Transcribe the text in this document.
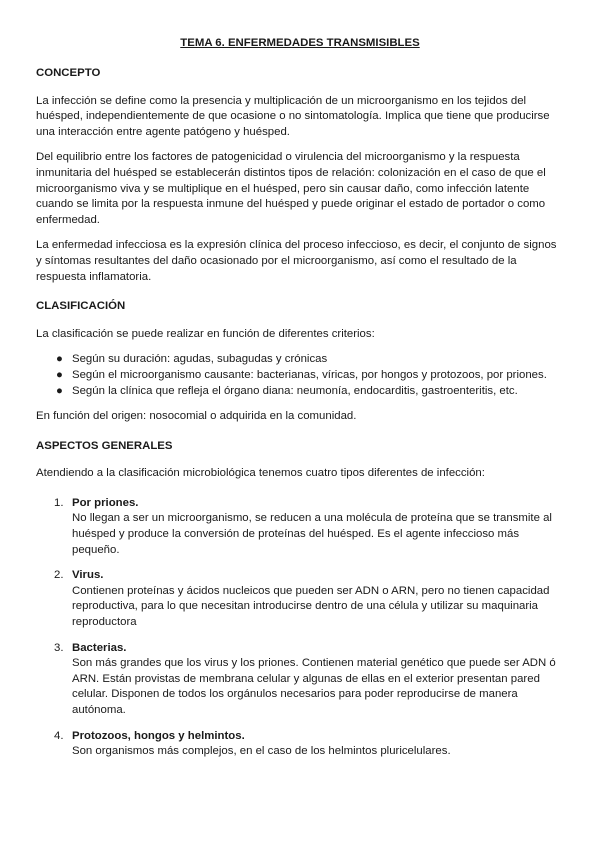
TEMA 6. ENFERMEDADES TRANSMISIBLES
CONCEPTO

La infección se define como la presencia y multiplicación de un microorganismo en los tejidos del huésped, independientemente de que ocasione o no sintomatología. Implica que tiene que producirse una interacción entre agente patógeno y huésped.

Del equilibrio entre los factores de patogenicidad o virulencia del microorganismo y la respuesta inmunitaria del huésped se establecerán distintos tipos de relación: colonización en el caso de que el microorganismo viva y se multiplique en el huésped, pero sin causar daño, como infección latente cuando se limita por la respuesta inmune del huésped y puede originar el estado de portador o como enfermedad.

La enfermedad infecciosa es la expresión clínica del proceso infeccioso, es decir, el conjunto de signos y síntomas resultantes del daño ocasionado por el microorganismo, así como el resultado de la respuesta inflamatoria.

CLASIFICACIÓN

La clasificación se puede realizar en función de diferentes criterios:

● Según su duración: agudas, subagudas y crónicas
● Según el microorganismo causante: bacterianas, víricas, por hongos y protozoos, por priones.
● Según la clínica que refleja el órgano diana: neumonía, endocarditis, gastroenteritis, etc.

En función del origen: nosocomial o adquirida en la comunidad.

ASPECTOS GENERALES

Atendiendo a la clasificación microbiológica tenemos cuatro tipos diferentes de infección:

1. Por priones.
No llegan a ser un microorganismo, se reducen a una molécula de proteína que se transmite al huésped y produce la conversión de proteínas del huésped. Es el agente infeccioso más pequeño.
2. Virus.
Contienen proteínas y ácidos nucleicos que pueden ser ADN o ARN, pero no tienen capacidad reproductiva, para lo que necesitan introducirse dentro de una célula y utilizar su maquinaria reproductora
3. Bacterias.
Son más grandes que los virus y los priones. Contienen material genético que puede ser ADN ó ARN. Están provistas de membrana celular y algunas de ellas en el exterior presentan pared celular. Disponen de todos los orgánulos necesarios para poder reproducirse de manera autónoma.
4. Protozoos, hongos y helmintos.
Son organismos más complejos, en el caso de los helmintos pluricelulares.
